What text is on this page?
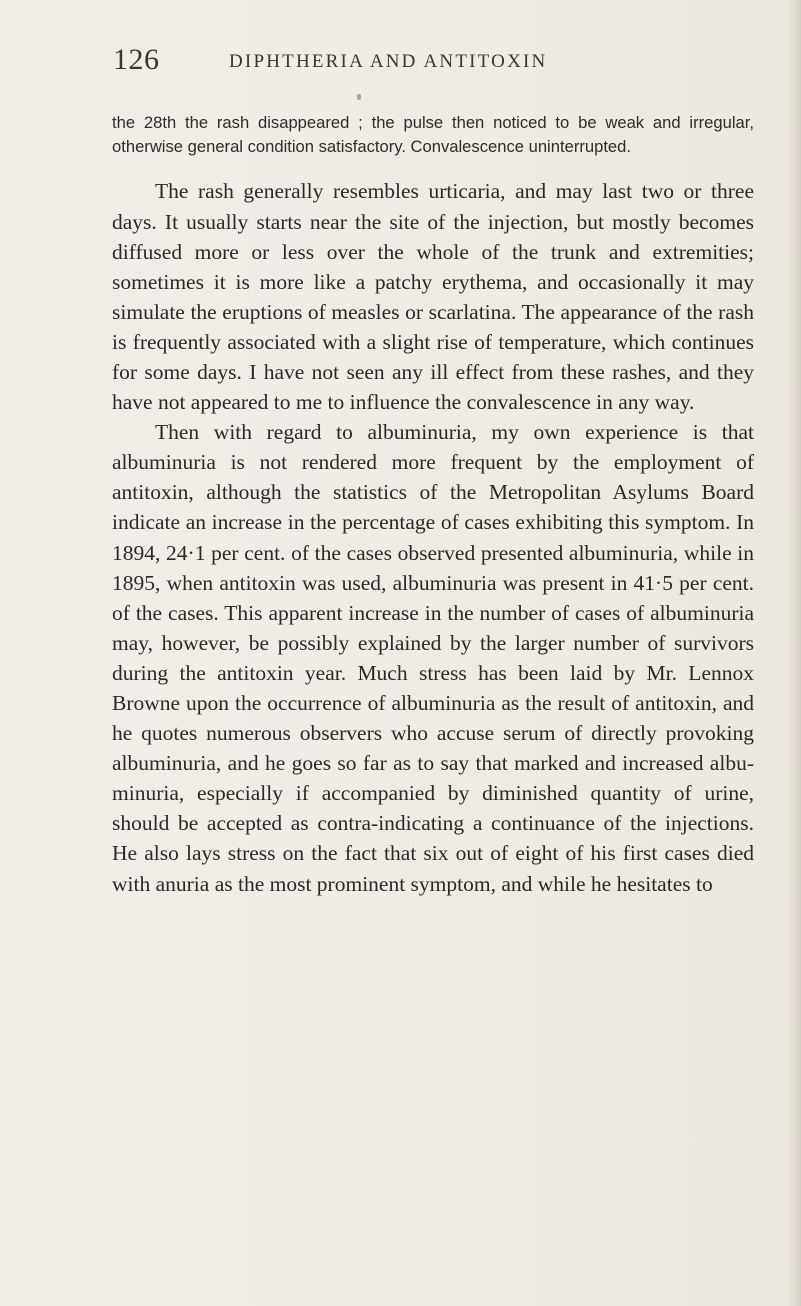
126	DIPHTHERIA AND ANTITOXIN

the 28th the rash disappeared ; the pulse then noticed to be weak and irregular, otherwise general condition satisfactory. Convalescence uninterrupted.

The rash generally resembles urticaria, and may last two or three days. It usually starts near the site of the injection, but mostly becomes diffused more or less over the whole of the trunk and extremities; sometimes it is more like a patchy erythema, and occasionally it may simulate the eruptions of measles or scarlatina. The appearance of the rash is frequently associated with a slight rise of temperature, which continues for some days. I have not seen any ill effect from these rashes, and they have not appeared to me to influence the convalescence in any way.

Then with regard to albuminuria, my own experience is that albuminuria is not rendered more frequent by the employment of antitoxin, although the statistics of the Metropolitan Asylums Board indicate an increase in the percentage of cases exhibiting this symptom. In 1894, 24·1 per cent. of the cases observed presented albuminuria, while in 1895, when antitoxin was used, albuminuria was present in 41·5 per cent. of the cases. This apparent increase in the number of cases of albuminuria may, however, be possibly explained by the larger number of survivors during the antitoxin year. Much stress has been laid by Mr. Lennox Browne upon the occurrence of albuminuria as the result of antitoxin, and he quotes numerous observers who accuse serum of directly provoking albuminuria, and he goes so far as to say that marked and increased albuminuria, especially if accompanied by diminished quantity of urine, should be accepted as contra-indicating a continuance of the injections. He also lays stress on the fact that six out of eight of his first cases died with anuria as the most prominent symptom, and while he hesitates to
